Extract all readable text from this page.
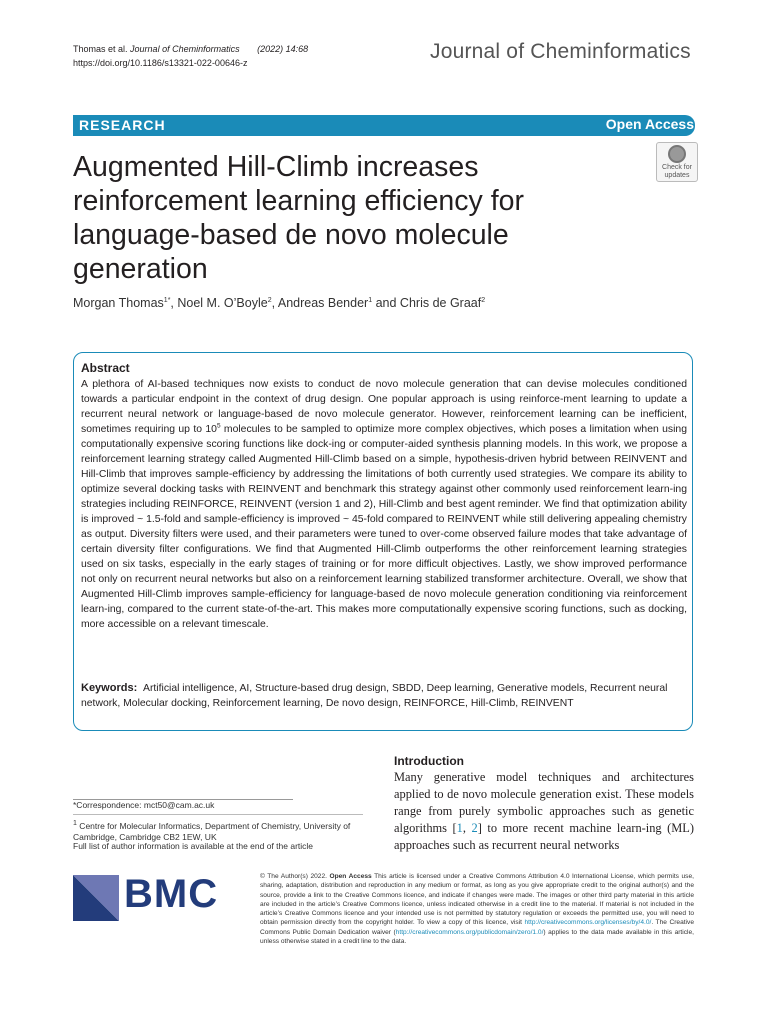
Thomas et al. Journal of Cheminformatics (2022) 14:68
https://doi.org/10.1186/s13321-022-00646-z	Journal of Cheminformatics
RESEARCH	Open Access
Check for
updates
Augmented Hill-Climb increases reinforcement learning efficiency for language-based de novo molecule generation
Morgan Thomas$^{1*}$, Noel M. O’Boyle$^2$, Andreas Bender$^1$ and Chris de Graaf$^2$
Abstract
A plethora of AI-based techniques now exists to conduct de novo molecule generation that can devise molecules conditioned towards a particular endpoint in the context of drug design. One popular approach is using reinforce-ment learning to update a recurrent neural network or language-based de novo molecule generator. However, reinforcement learning can be inefficient, sometimes requiring up to $10^5$ molecules to be sampled to optimize more complex objectives, which poses a limitation when using computationally expensive scoring functions like dock-ing or computer-aided synthesis planning models. In this work, we propose a reinforcement learning strategy called Augmented Hill-Climb based on a simple, hypothesis-driven hybrid between REINVENT and Hill-Climb that improves sample-efficiency by addressing the limitations of both currently used strategies. We compare its ability to optimize several docking tasks with REINVENT and benchmark this strategy against other commonly used reinforcement learn-ing strategies including REINFORCE, REINVENT (version 1 and 2), Hill-Climb and best agent reminder. We find that optimization ability is improved ~ 1.5-fold and sample-efficiency is improved ~ 45-fold compared to REINVENT while still delivering appealing chemistry as output. Diversity filters were used, and their parameters were tuned to over-come observed failure modes that take advantage of certain diversity filter configurations. We find that Augmented Hill-Climb outperforms the other reinforcement learning strategies used on six tasks, especially in the early stages of training or for more difficult objectives. Lastly, we show improved performance not only on recurrent neural networks but also on a reinforcement learning stabilized transformer architecture. Overall, we show that Augmented Hill-Climb improves sample-efficiency for language-based de novo molecule generation conditioning via reinforcement learn-ing, compared to the current state-of-the-art. This makes more computationally expensive scoring functions, such as docking, more accessible on a relevant timescale.
Keywords: Artificial intelligence, AI, Structure-based drug design, SBDD, Deep learning, Generative models, Recurrent neural network, Molecular docking, Reinforcement learning, De novo design, REINFORCE, Hill-Climb, REINVENT
Introduction
Many generative model techniques and architectures applied to de novo molecule generation exist. These models range from purely symbolic approaches such as genetic algorithms [1, 2] to more recent machine learn-ing (ML) approaches such as recurrent neural networks
*Correspondence: mct50@cam.ac.uk
$^1$ Centre for Molecular Informatics, Department of Chemistry, University of Cambridge, Cambridge CB2 1EW, UK
Full list of author information is available at the end of the article
BMC	© The Author(s) 2022. Open Access This article is licensed under a Creative Commons Attribution 4.0 International License, which permits use, sharing, adaptation, distribution and reproduction in any medium or format, as long as you give appropriate credit to the original author(s) and the source, provide a link to the Creative Commons licence, and indicate if changes were made. The images or other third party material in this article are included in the article’s Creative Commons licence, unless indicated otherwise in a credit line to the material. If material is not included in the article’s Creative Commons licence and your intended use is not permitted by statutory regulation or exceeds the permitted use, you will need to obtain permission directly from the copyright holder. To view a copy of this licence, visit http://creativecommons.org/licenses/by/4.0/. The Creative Commons Public Domain Dedication waiver (http://creativecommons.org/publicdomain/zero/1.0/) applies to the data made available in this article, unless otherwise stated in a credit line to the data.
